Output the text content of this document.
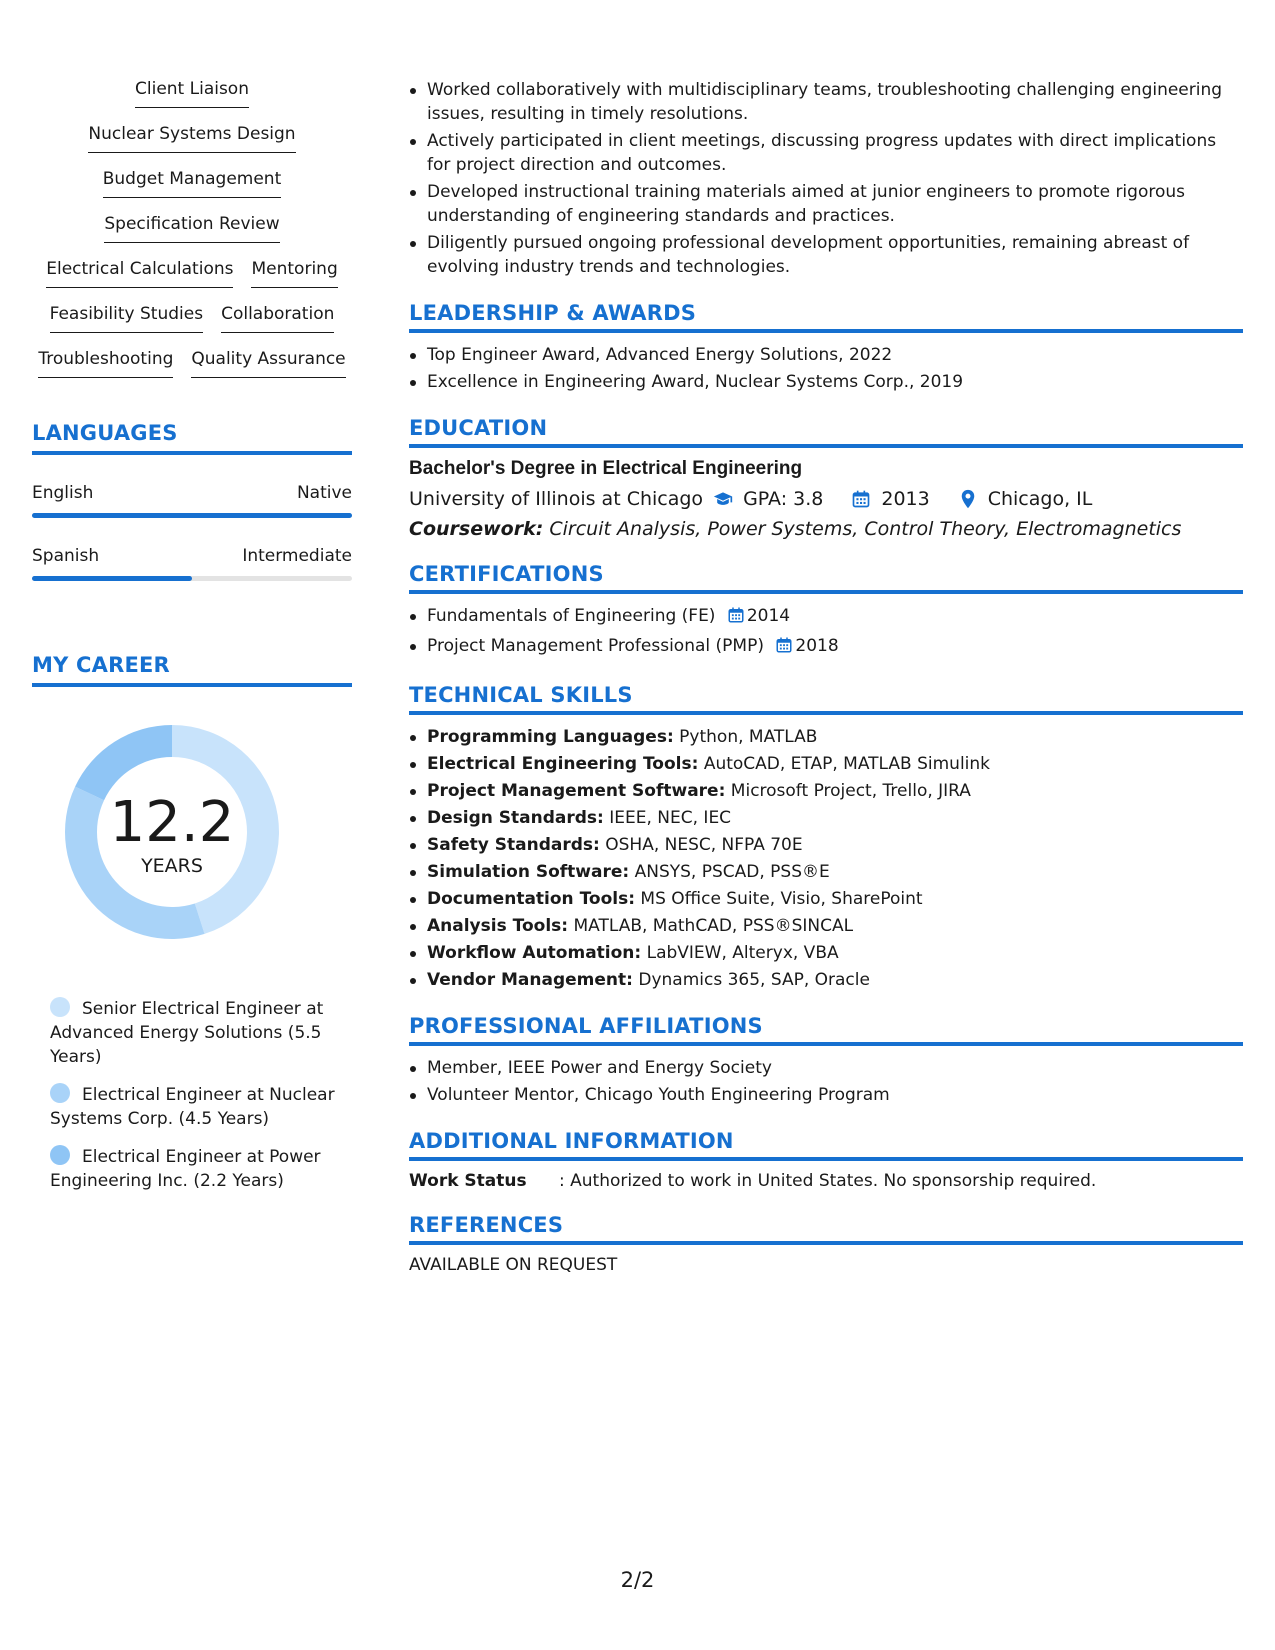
Client Liaison
Nuclear Systems Design
Budget Management
Specification Review
Electrical Calculations Mentoring
Feasibility Studies Collaboration
Troubleshooting Quality Assurance
LANGUAGES
English	Native
Spanish	Intermediate
MY CAREER
12.2
YEARS
Senior Electrical Engineer at Advanced Energy Solutions (5.5 Years)
Electrical Engineer at Nuclear Systems Corp. (4.5 Years)
Electrical Engineer at Power Engineering Inc. (2.2 Years)
Worked collaboratively with multidisciplinary teams, troubleshooting challenging engineering issues, resulting in timely resolutions.
Actively participated in client meetings, discussing progress updates with direct implications for project direction and outcomes.
Developed instructional training materials aimed at junior engineers to promote rigorous understanding of engineering standards and practices.
Diligently pursued ongoing professional development opportunities, remaining abreast of evolving industry trends and technologies.
LEADERSHIP & AWARDS
Top Engineer Award, Advanced Energy Solutions, 2022
Excellence in Engineering Award, Nuclear Systems Corp., 2019
EDUCATION
Bachelor's Degree in Electrical Engineering
University of Illinois at Chicago GPA: 3.8	2013	Chicago, IL
Coursework: Circuit Analysis, Power Systems, Control Theory, Electromagnetics
CERTIFICATIONS
Fundamentals of Engineering (FE) 2014
Project Management Professional (PMP) 2018
TECHNICAL SKILLS
Programming Languages: Python, MATLAB
Electrical Engineering Tools: AutoCAD, ETAP, MATLAB Simulink
Project Management Software: Microsoft Project, Trello, JIRA
Design Standards: IEEE, NEC, IEC
Safety Standards: OSHA, NESC, NFPA 70E
Simulation Software: ANSYS, PSCAD, PSS®E
Documentation Tools: MS Office Suite, Visio, SharePoint
Analysis Tools: MATLAB, MathCAD, PSS®SINCAL
Workflow Automation: LabVIEW, Alteryx, VBA
Vendor Management: Dynamics 365, SAP, Oracle
PROFESSIONAL AFFILIATIONS
Member, IEEE Power and Energy Society
Volunteer Mentor, Chicago Youth Engineering Program
ADDITIONAL INFORMATION
Work Status	: Authorized to work in United States. No sponsorship required.
REFERENCES
AVAILABLE ON REQUEST
2/2
